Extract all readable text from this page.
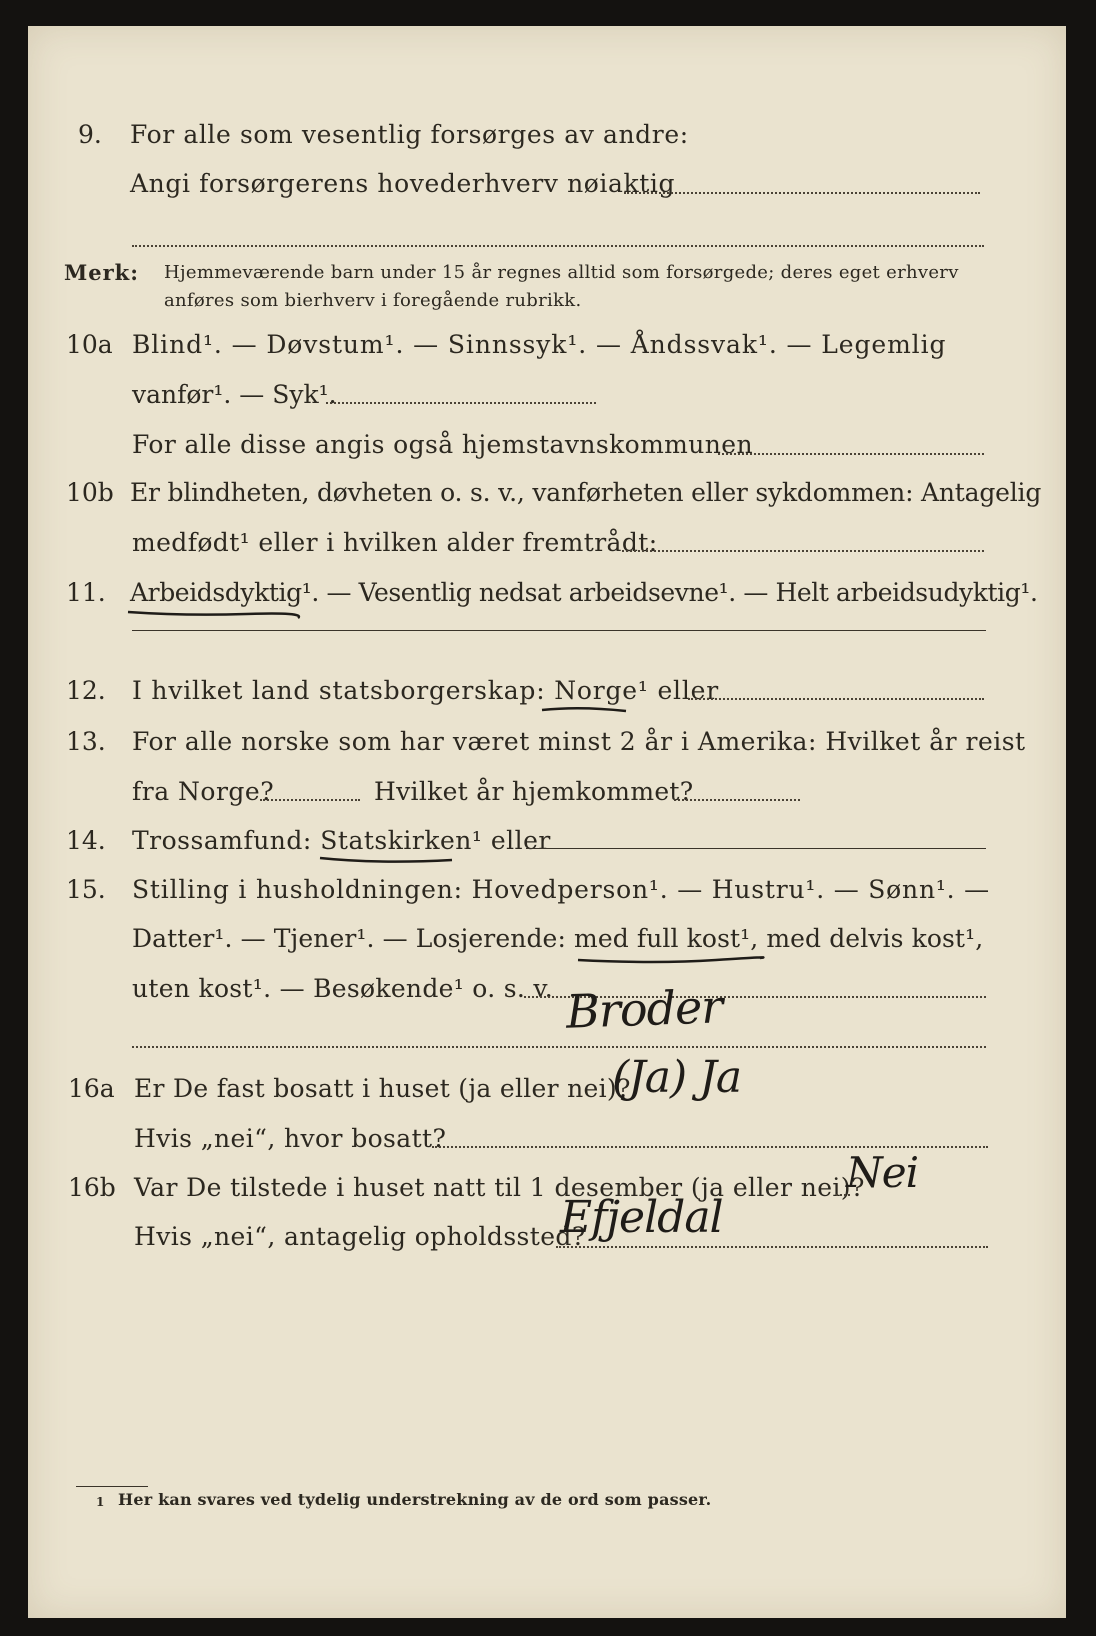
9. For alle som vesentlig forsørges av andre:
Angi forsørgerens hovederhverv nøiaktig
Merk: Hjemmeværende barn under 15 år regnes alltid som forsørgede; deres eget erhverv
anføres som bierhverv i foregående rubrikk.
10a Blind¹. — Døvstum¹. — Sinnssyk¹. — Åndssvak¹. — Legemlig
vanfør¹. — Syk¹.
For alle disse angis også hjemstavnskommunen
10b Er blindheten, døvheten o. s. v., vanførheten eller sykdommen: Antagelig
medfødt¹ eller i hvilken alder fremtrådt:
11. Arbeidsdyktig¹. — Vesentlig nedsat arbeidsevne¹. — Helt arbeidsudyktig¹.
12. I hvilket land statsborgerskap: Norge¹ eller
13. For alle norske som har været minst 2 år i Amerika: Hvilket år reist
fra Norge?	Hvilket år hjemkommet?
14. Trossamfund: Statskirken¹ eller
15. Stilling i husholdningen: Hovedperson¹. — Hustru¹. — Sønn¹. —
Datter¹. — Tjener¹. — Losjerende: med full kost¹, med delvis kost¹,
uten kost¹. — Besøkende¹ o. s. v. Broder
16a Er De fast bosatt i huset (ja eller nei)?
(Ja) Ja
Hvis „nei“, hvor bosatt?
16b Var De tilstede i huset natt til 1 desember (ja eller nei)?
Nei
Hvis „nei“, antagelig opholdssted?
Efjeldal
1 Her kan svares ved tydelig understrekning av de ord som passer.
